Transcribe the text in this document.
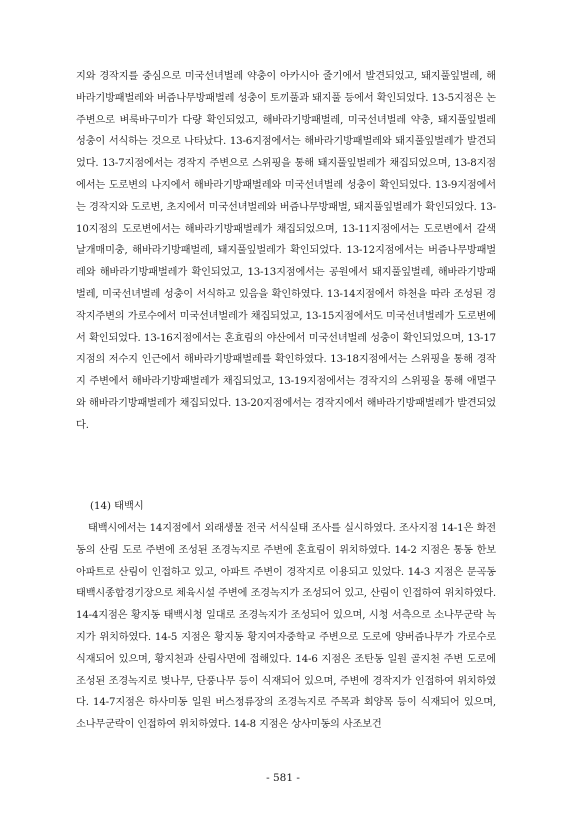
지와 경작지를 중심으로 미국선녀벌레 약충이 아카시아 줄기에서 발견되었고, 돼지풀잎벌레, 해바라기방패벌레와 버즘나무방패벌레 성충이 토끼풀과 돼지풀 등에서 확인되었다. 13-5지점은 논 주변으로 벼룩바구미가 다량 확인되었고, 해바라기방패벌레, 미국선녀벌레 약충, 돼지풀잎벌레 성충이 서식하는 것으로 나타났다. 13-6지점에서는 해바라기방패벌레와 돼지풀잎벌레가 발견되었다. 13-7지점에서는 경작지 주변으로 스위핑을 통해 돼지풀잎벌레가 채집되었으며, 13-8지점에서는 도로변의 나지에서 해바라기방패벌레와 미국선녀벌레 성충이 확인되었다. 13-9지점에서는 경작지와 도로변, 초지에서 미국선녀벌레와 버즘나무방패벌, 돼지풀잎벌레가 확인되었다. 13-10지점의 도로변에서는 해바라기방패벌레가 채집되었으며, 13-11지점에서는 도로변에서 갈색날개매미충, 해바라기방패벌레, 돼지풀잎벌레가 확인되었다. 13-12지점에서는 버즘나무방패벌레와 해바라기방패벌레가 확인되었고, 13-13지점에서는 공원에서 돼지풀잎벌레, 해바라기방패벌레, 미국선녀벌레 성충이 서식하고 있음을 확인하였다. 13-14지점에서 하천을 따라 조성된 경작지주변의 가로수에서 미국선녀벌레가 채집되었고, 13-15지점에서도 미국선녀벌레가 도로변에서 확인되었다. 13-16지점에서는 혼효림의 야산에서 미국선녀벌레 성충이 확인되었으며, 13-17지점의 저수지 인근에서 해바라기방패벌레를 확인하였다. 13-18지점에서는 스위핑을 통해 경작지 주변에서 해바라기방패벌레가 채집되었고, 13-19지점에서는 경작지의 스위핑을 통해 애멸구와 해바라기방패벌레가 채집되었다. 13-20지점에서는 경작지에서 해바라기방패벌레가 발견되었다.

(14) 태백시

태백시에서는 14지점에서 외래생물 전국 서식실태 조사를 실시하였다. 조사지점 14-1은 화전동의 산림 도로 주변에 조성된 조경녹지로 주변에 혼효림이 위치하였다. 14-2 지점은 통동 한보아파트로 산림이 인접하고 있고, 아파트 주변이 경작지로 이용되고 있었다. 14-3 지점은 문곡동 태백시종합경기장으로 체육시설 주변에 조경녹지가 조성되어 있고, 산림이 인접하여 위치하였다. 14-4지점은 황지동 태백시청 일대로 조경녹지가 조성되어 있으며, 시청 서측으로 소나무군락 녹지가 위치하였다. 14-5 지점은 황지동 황지여자중학교 주변으로 도로에 양버즘나무가 가로수로 식재되어 있으며, 황지천과 산림사면에 접해있다. 14-6 지점은 조탄동 일원 골지천 주변 도로에 조성된 조경녹지로 벚나무, 단풍나무 등이 식재되어 있으며, 주변에 경작지가 인접하여 위치하였다. 14-7지점은 하사미동 일원 버스정류장의 조경녹지로 주목과 회양목 등이 식재되어 있으며, 소나무군락이 인접하여 위치하였다. 14-8 지점은 상사미동의 사조보건

- 581 -
